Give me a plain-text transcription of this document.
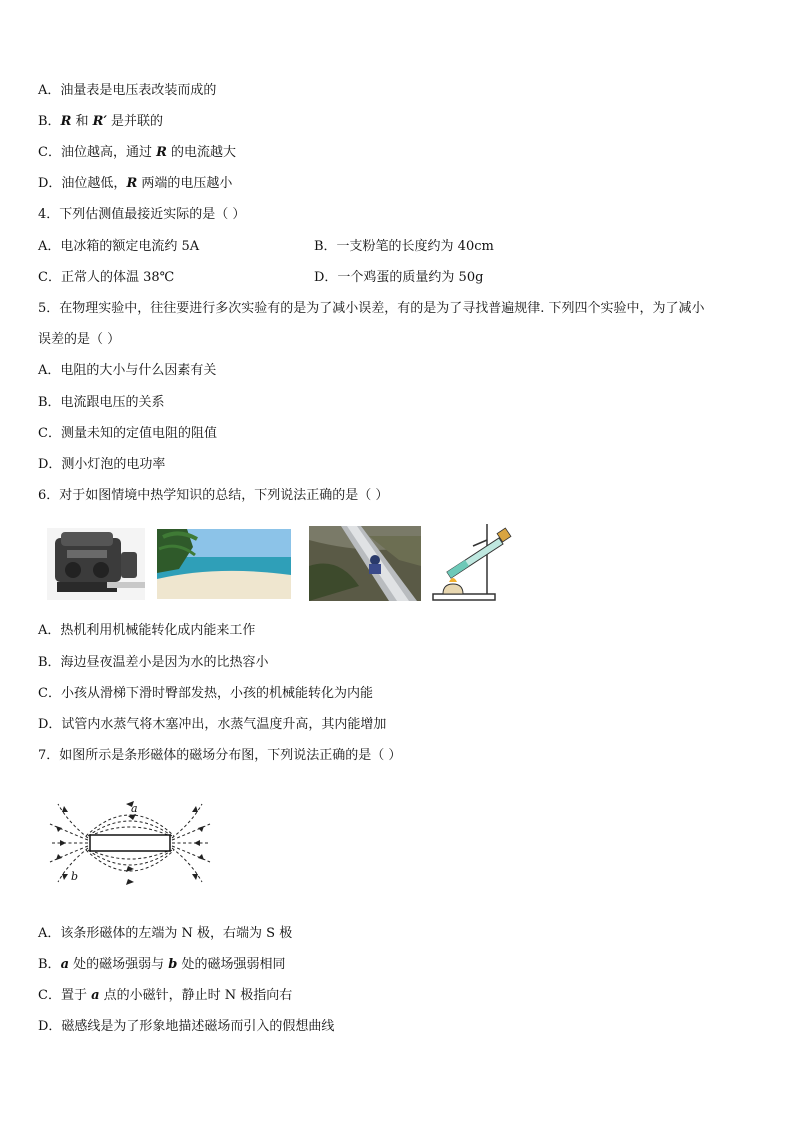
A．油量表是电压表改装而成的
B．R 和 R′ 是并联的
C．油位越高，通过 R 的电流越大
D．油位越低，R 两端的电压越小
4．下列估测值最接近实际的是（ ）
A．电冰箱的额定电流约 5A	B．一支粉笔的长度约为 40cm
C．正常人的体温 38℃	D．一个鸡蛋的质量约为 50g
5．在物理实验中，往往要进行多次实验有的是为了减小误差，有的是为了寻找普遍规律. 下列四个实验中，为了减小
误差的是（ ）
A．电阻的大小与什么因素有关
B．电流跟电压的关系
C．测量未知的定值电阻的阻值
D．测小灯泡的电功率
6．对于如图情境中热学知识的总结，下列说法正确的是（ ）
A．热机利用机械能转化成内能来工作
B．海边昼夜温差小是因为水的比热容小
C．小孩从滑梯下滑时臀部发热，小孩的机械能转化为内能
D．试管内水蒸气将木塞冲出，水蒸气温度升高，其内能增加
7．如图所示是条形磁体的磁场分布图，下列说法正确的是（ ）
a
b
A．该条形磁体的左端为 N 极，右端为 S 极
B．a 处的磁场强弱与 b 处的磁场强弱相同
C．置于 a 点的小磁针，静止时 N 极指向右
D．磁感线是为了形象地描述磁场而引入的假想曲线
